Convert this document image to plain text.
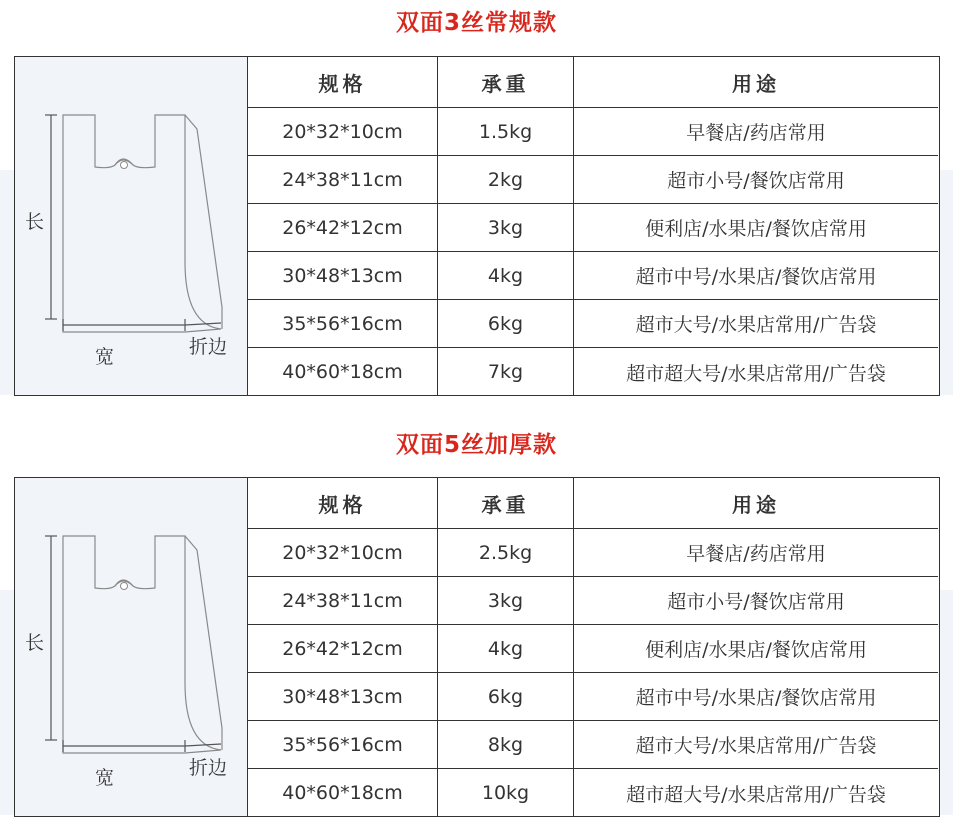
双面3丝常规款
长
宽	折边
规格	承重	用途
20*32*10cm	1.5kg	早餐店/药店常用
24*38*11cm	2kg	超市小号/餐饮店常用
26*42*12cm	3kg	便利店/水果店/餐饮店常用
30*48*13cm	4kg	超市中号/水果店/餐饮店常用
35*56*16cm	6kg	超市大号/水果店常用/广告袋
40*60*18cm	7kg	超市超大号/水果店常用/广告袋
双面5丝加厚款
长
宽	折边
规格	承重	用途
20*32*10cm	2.5kg	早餐店/药店常用
24*38*11cm	3kg	超市小号/餐饮店常用
26*42*12cm	4kg	便利店/水果店/餐饮店常用
30*48*13cm	6kg	超市中号/水果店/餐饮店常用
35*56*16cm	8kg	超市大号/水果店常用/广告袋
40*60*18cm	10kg	超市超大号/水果店常用/广告袋
